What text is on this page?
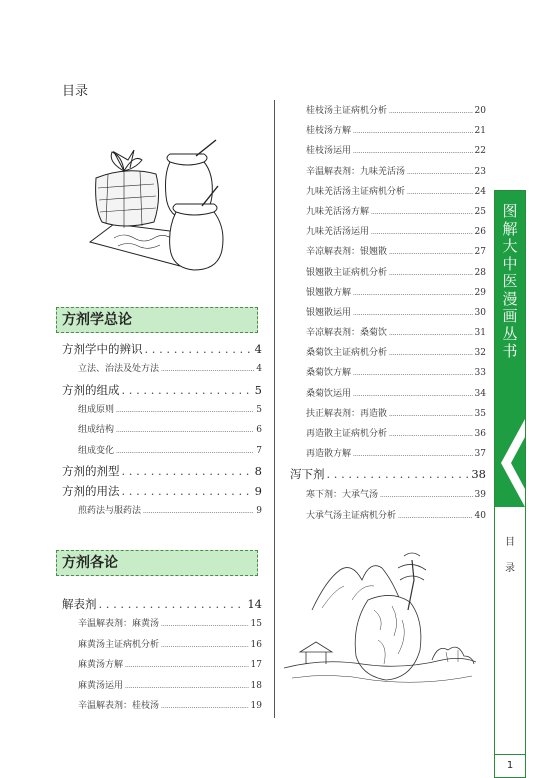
目录
方剂学总论
方剂学中的辨识 . . .	4
立法、治法及处方法 .....	4
方剂的组成 . . .	5
组成原则 .....	5
组成结构 .....	6
组成变化 .....	7
方剂的剂型 . . .	8
方剂的用法 . . .	9
煎药法与服药法 .....	9
方剂各论
解表剂 . . .	14
辛温解表剂：麻黄汤 .....	15
麻黄汤主证病机分析 .....	16
麻黄汤方解 .....	17
麻黄汤运用 .....	18
辛温解表剂：桂枝汤 .....	19
桂枝汤主证病机分析 .....	20
桂枝汤方解 .....	21
桂枝汤运用 .....	22
辛温解表剂：九味羌活汤 .....	23
九味羌活汤主证病机分析 .....	24
九味羌活汤方解 .....	25
九味羌活汤运用 .....	26
辛凉解表剂：银翘散 .....	27
银翘散主证病机分析 .....	28
银翘散方解 .....	29
银翘散运用 .....	30
辛凉解表剂：桑菊饮 .....	31
桑菊饮主证病机分析 .....	32
桑菊饮方解 .....	33
桑菊饮运用 .....	34
扶正解表剂：再造散 .....	35
再造散主证病机分析 .....	36
再造散方解 .....	37
泻下剂 . . .	38
寒下剂：大承气汤 .....	39
大承气汤主证病机分析 .....	40
图
解
大
中
医
漫
画
丛
书
目
录
1
